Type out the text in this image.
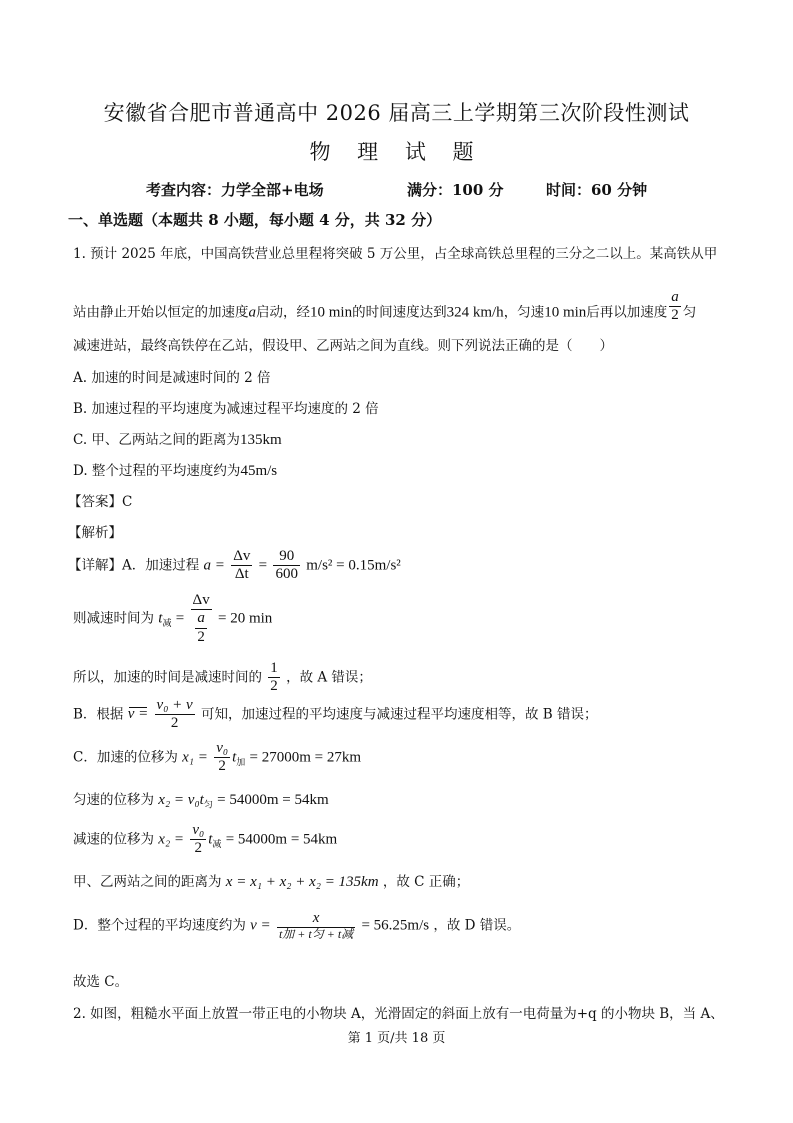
安徽省合肥市普通高中 2026 届高三上学期第三次阶段性测试
物 理 试 题
考查内容：力学全部+电场	满分：100 分	时间：60 分钟
一、单选题（本题共 8 小题，每小题 4 分，共 32 分）
1. 预计 2025 年底，中国高铁营业总里程将突破 5 万公里，占全球高铁总里程的三分之二以上。某高铁从甲
站由静止开始以恒定的加速度a启动，经10 min的时间速度达到324 km/h，匀速10 min后再以加速度 $\frac{a}{2}$ 匀
减速进站，最终高铁停在乙站，假设甲、乙两站之间为直线。则下列说法正确的是（　　）
A. 加速的时间是减速时间的 2 倍
B. 加速过程的平均速度为减速过程平均速度的 2 倍
C. 甲、乙两站之间的距离为135km
D. 整个过程的平均速度约为45m/s
【答案】C
【解析】
【详解】A．加速过程 $a = \frac{\Delta v}{\Delta t} = \frac{90}{600} m/s^2 = 0.15m/s^2$
则减速时间为 $t_减 = \frac{\Delta v}{\frac{a}{2}} = 20$ min
所以，加速的时间是减速时间的 $\frac{1}{2}$ ，故 A 错误；
B．根据 $v = \frac{\text{v₀ + v}}{2}$ 可知，加速过程的平均速度与减速过程平均速度相等，故 B 错误；
C．加速的位移为 $x_1 = \frac{\text{v₀}}{2} t_加 = 27000m = 27km$
匀速的位移为 $x_2 = v_0t_匀 = 54000m = 54km$
减速的位移为 $x_2 = \frac{\text{v₀}}{2} t_减 = 54000m = 54km$
甲、乙两站之间的距离为 x = x₁ + x₂ + x₂ = 135km ，故 C 正确；
D．整个过程的平均速度约为 $v = \frac{x}{\text{t加 + t匀 + t减}} = 56.25m/s$ ，故 D 错误。
故选 C。
2. 如图，粗糙水平面上放置一带正电的小物块 A，光滑固定的斜面上放有一电荷量为+q 的小物块 B，当 A、
第 1 页/共 18 页
